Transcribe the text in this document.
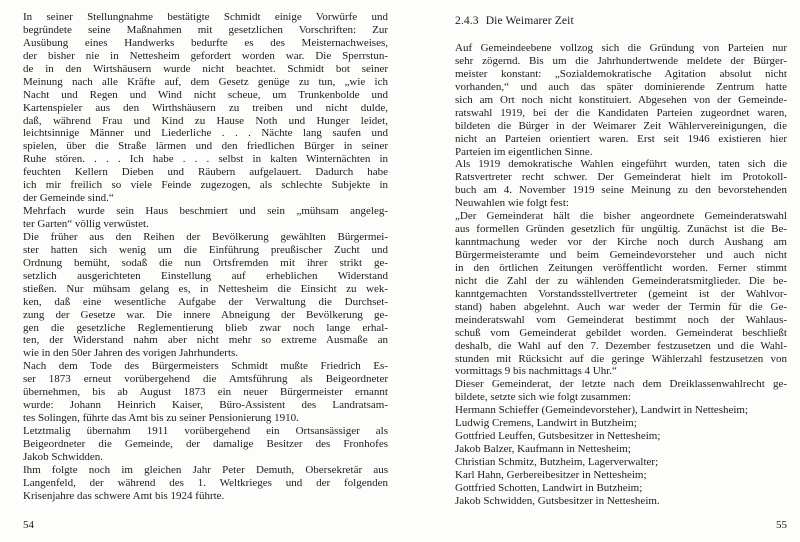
In seiner Stellungnahme bestätigte Schmidt einige Vorwürfe und
begründete seine Maßnahmen mit gesetzlichen Vorschriften: Zur
Ausübung eines Handwerks bedurfte es des Meisternachweises,
der bisher nie in Nettesheim gefordert worden war. Die Sperrstun-
de in den Wirtshäusern wurde nicht beachtet. Schmidt bot seiner
Meinung nach alle Kräfte auf, dem Gesetz genüge zu tun, „wie ich
Nacht und Regen und Wind nicht scheue, um Trunkenbolde und
Kartenspieler aus den Wirthshäusern zu treiben und nicht dulde,
daß, während Frau und Kind zu Hause Noth und Hunger leidet,
leichtsinnige Männer und Liederliche . . . Nächte lang saufen und
spielen, über die Straße lärmen und den friedlichen Bürger in seiner
Ruhe stören. . . . Ich habe . . . selbst in kalten Winternächten in
feuchten Kellern Dieben und Räubern aufgelauert. Dadurch habe
ich mir freilich so viele Feinde zugezogen, als schlechte Subjekte in
der Gemeinde sind.“
Mehrfach wurde sein Haus beschmiert und sein „mühsam angeleg-
ter Garten“ völlig verwüstet.
Die früher aus den Reihen der Bevölkerung gewählten Bürgermei-
ster hatten sich wenig um die Einführung preußischer Zucht und
Ordnung bemüht, sodaß die nun Ortsfremden mit ihrer strikt ge-
setzlich ausgerichteten Einstellung auf erheblichen Widerstand
stießen. Nur mühsam gelang es, in Nettesheim die Einsicht zu wek-
ken, daß eine wesentliche Aufgabe der Verwaltung die Durchset-
zung der Gesetze war. Die innere Abneigung der Bevölkerung ge-
gen die gesetzliche Reglementierung blieb zwar noch lange erhal-
ten, der Widerstand nahm aber nicht mehr so extreme Ausmaße an
wie in den 50er Jahren des vorigen Jahrhunderts.
Nach dem Tode des Bürgermeisters Schmidt mußte Friedrich Es-
ser 1873 erneut vorübergehend die Amtsführung als Beigeordneter
übernehmen, bis ab August 1873 ein neuer Bürgermeister ernannt
wurde: Johann Heinrich Kaiser, Büro-Assistent des Landratsam-
tes Solingen, führte das Amt bis zu seiner Pensionierung 1910.
Letztmalig übernahm 1911 vorübergehend ein Ortsansässiger als
Beigeordneter die Gemeinde, der damalige Besitzer des Fronhofes
Jakob Schwidden.
Ihm folgte noch im gleichen Jahr Peter Demuth, Obersekretär aus
Langenfeld, der während des 1. Weltkrieges und der folgenden
Krisenjahre das schwere Amt bis 1924 führte.
54
2.4.3 Die Weimarer Zeit
Auf Gemeindeebene vollzog sich die Gründung von Parteien nur
sehr zögernd. Bis um die Jahrhundertwende meldete der Bürger-
meister konstant: „Sozialdemokratische Agitation absolut nicht
vorhanden,“ und auch das später dominierende Zentrum hatte
sich am Ort noch nicht konstituiert. Abgesehen von der Gemeinde-
ratswahl 1919, bei der die Kandidaten Parteien zugeordnet waren,
bildeten die Bürger in der Weimarer Zeit Wählervereinigungen, die
nicht an Parteien orientiert waren. Erst seit 1946 existieren hier
Parteien im eigentlichen Sinne.
Als 1919 demokratische Wahlen eingeführt wurden, taten sich die
Ratsvertreter recht schwer. Der Gemeinderat hielt im Protokoll-
buch am 4. November 1919 seine Meinung zu den bevorstehenden
Neuwahlen wie folgt fest:
„Der Gemeinderat hält die bisher angeordnete Gemeinderatswahl
aus formellen Gründen gesetzlich für ungültig. Zunächst ist die Be-
kanntmachung weder vor der Kirche noch durch Aushang am
Bürgermeisteramte und beim Gemeindevorsteher und auch nicht
in den örtlichen Zeitungen veröffentlicht worden. Ferner stimmt
nicht die Zahl der zu wählenden Gemeinderatsmitglieder. Die be-
kanntgemachten Vorstandsstellvertreter (gemeint ist der Wahlvor-
stand) haben abgelehnt. Auch war weder der Termin für die Ge-
meinderatswahl vom Gemeinderat bestimmt noch der Wahlaus-
schuß vom Gemeinderat gebildet worden. Gemeinderat beschließt
deshalb, die Wahl auf den 7. Dezember festzusetzen und die Wahl-
stunden mit Rücksicht auf die geringe Wählerzahl festzusetzen von
vormittags 9 bis nachmittags 4 Uhr.“
Dieser Gemeinderat, der letzte nach dem Dreiklassenwahlrecht ge-
bildete, setzte sich wie folgt zusammen:
Hermann Schieffer (Gemeindevorsteher), Landwirt in Nettesheim;
Ludwig Cremens, Landwirt in Butzheim;
Gottfried Leuffen, Gutsbesitzer in Nettesheim;
Jakob Balzer, Kaufmann in Nettesheim;
Christian Schmitz, Butzheim, Lagerverwalter;
Karl Hahn, Gerbereibesitzer in Nettesheim;
Gottfried Schotten, Landwirt in Butzheim;
Jakob Schwidden, Gutsbesitzer in Nettesheim.
55
